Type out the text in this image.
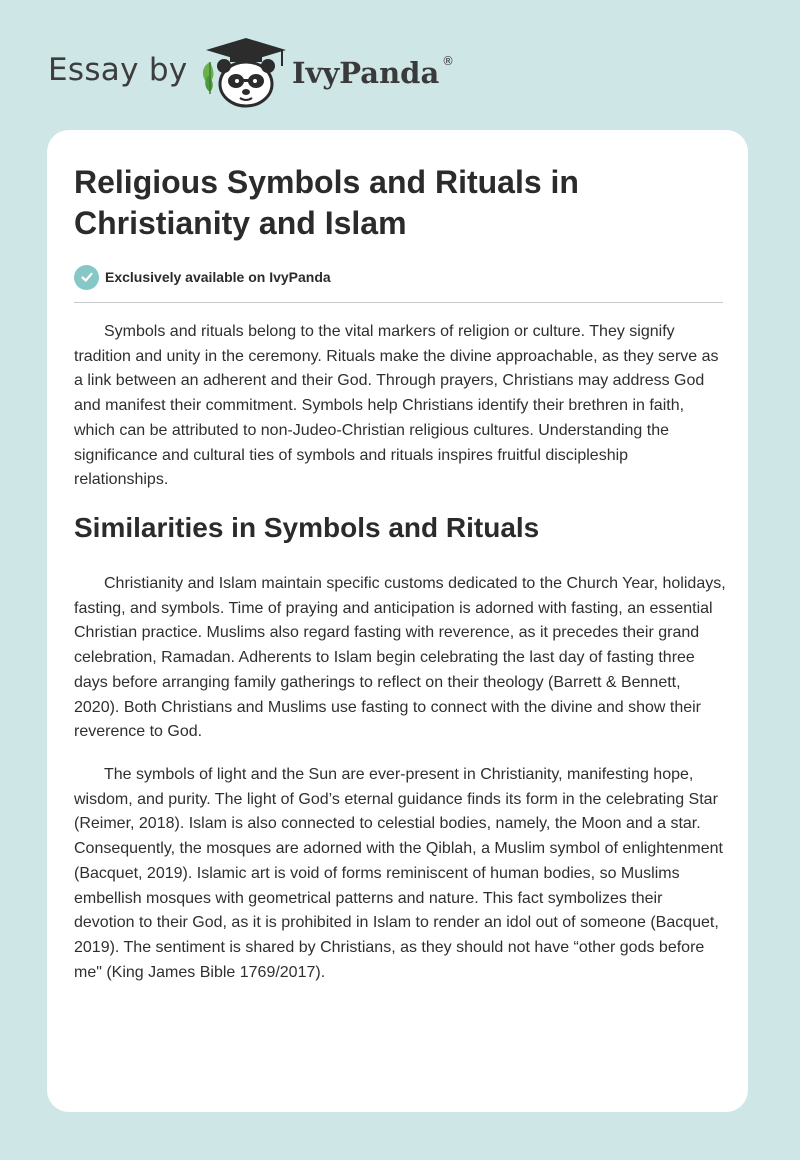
Essay by	IvyPanda ®
Religious Symbols and Rituals in Christianity and Islam
Exclusively available on IvyPanda

Symbols and rituals belong to the vital markers of religion or culture. They signify tradition and unity in the ceremony. Rituals make the divine approachable, as they serve as a link between an adherent and their God. Through prayers, Christians may address God and manifest their commitment. Symbols help Christians identify their brethren in faith, which can be attributed to non-Judeo-Christian religious cultures. Understanding the significance and cultural ties of symbols and rituals inspires fruitful discipleship relationships.

Similarities in Symbols and Rituals

Christianity and Islam maintain specific customs dedicated to the Church Year, holidays, fasting, and symbols. Time of praying and anticipation is adorned with fasting, an essential Christian practice. Muslims also regard fasting with reverence, as it precedes their grand celebration, Ramadan. Adherents to Islam begin celebrating the last day of fasting three days before arranging family gatherings to reflect on their theology (Barrett & Bennett, 2020). Both Christians and Muslims use fasting to connect with the divine and show their reverence to God.

The symbols of light and the Sun are ever-present in Christianity, manifesting hope, wisdom, and purity. The light of God’s eternal guidance finds its form in the celebrating Star (Reimer, 2018). Islam is also connected to celestial bodies, namely, the Moon and a star. Consequently, the mosques are adorned with the Qiblah, a Muslim symbol of enlightenment (Bacquet, 2019). Islamic art is void of forms reminiscent of human bodies, so Muslims embellish mosques with geometrical patterns and nature. This fact symbolizes their devotion to their God, as it is prohibited in Islam to render an idol out of someone (Bacquet, 2019). The sentiment is shared by Christians, as they should not have “other gods before me" (King James Bible 1769/2017).
